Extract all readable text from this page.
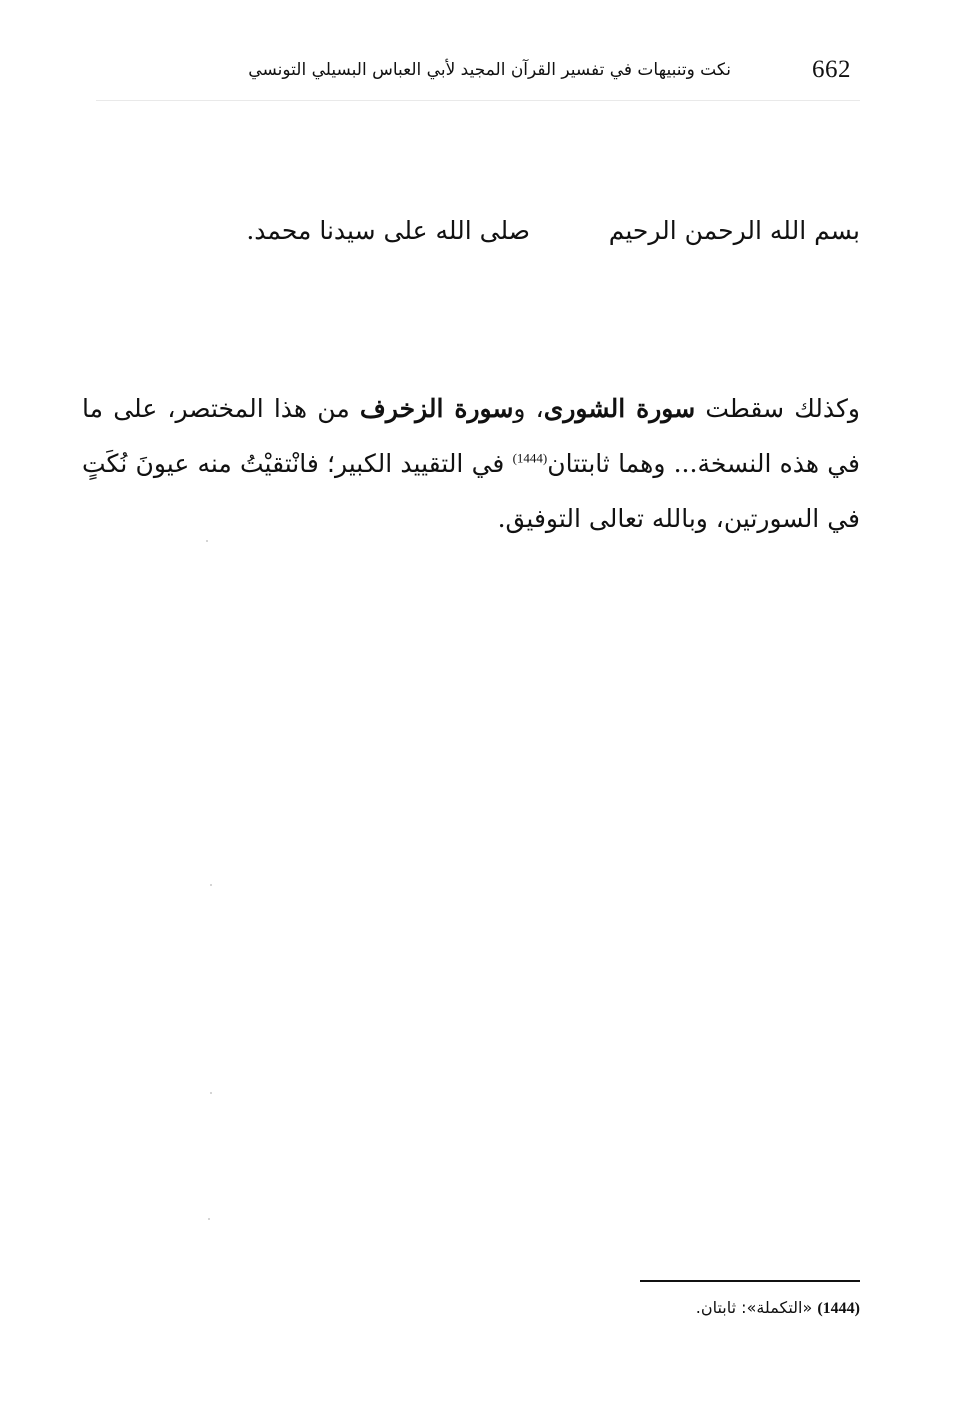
662
نكت وتنبيهات في تفسير القرآن المجيد لأبي العباس البسيلي التونسي
بسم الله الرحمن الرحيم
صلى الله على سيدنا محمد.

وكذلك سقطت سورة الشورى، وسورة الزخرف من هذا المختصر، على ما في هذه النسخة... وهما ثابتتان$^{(1444)}$ في التقييد الكبير؛ فانْتقيْتُ منه عيونَ نُكَتٍ في السورتين، وبالله تعالى التوفيق.

(1444) «التكملة»: ثابتان.
